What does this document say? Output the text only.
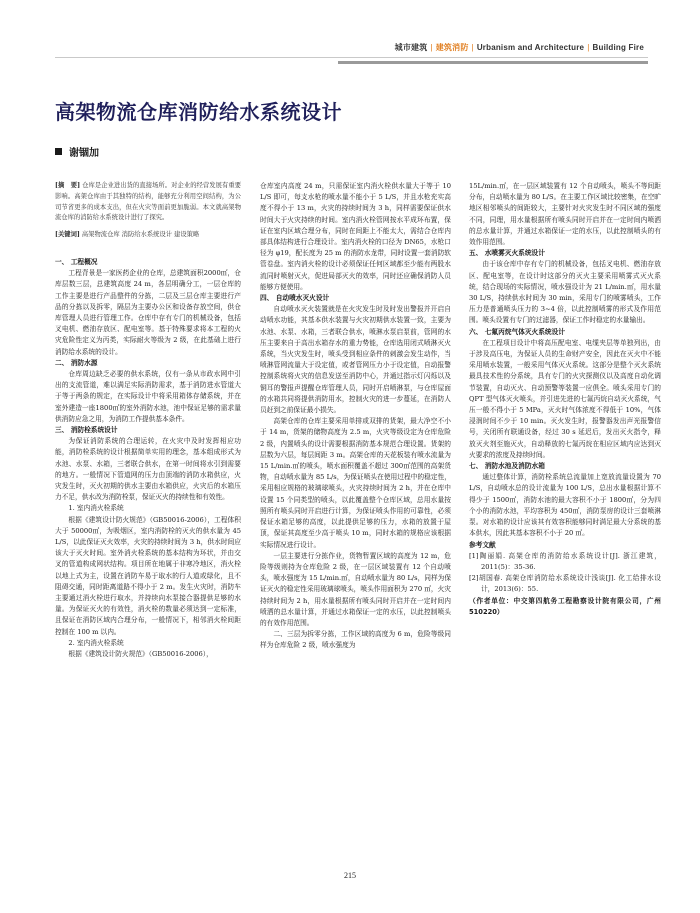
城市建筑 | 建筑消防 | Urbanism and Architecture | Building Fire
高架物流仓库消防给水系统设计
谢锢加
[摘　要] 仓库是企业进出货的直接场所。对企业的经营发展有重要影响。高架仓库由于其独特的结构，能够充分利用空间结构，为公司节省更多的成本支出，但在火灾等面前更加脆弱。本文就高架物流仓库的消防给水系统设计进行了探究。
[关键词] 高架物流仓库 消防给水系统设计 建设策略
一、 工程概况
工程背景是一家医药企业的仓库，总建筑面积2000㎡，仓库层数三层，总建筑高度 24 m，各层明确分工，一层仓库的工作主要是进行产品整件的分拣，二层及三层仓库主要进行产品的分拣以及拆零，隔层为主要办公区和设备存放空间，供仓库管理人员进行管理工作。仓库中存有专门的机械设备，包括叉电机、燃油存放区、配电室等。基于特殊要求将本工程的火灾危险性定义为丙类，实际耐火等级为 2 级，在此基础上进行消防给水系统的设计。
二、 消防水源
仓库周边缺乏必要的供水系统，仅有一条从市政水网中引出的支流管道，难以满足实际消防需求，基于消防进水管道大于等于两条的规定，在实际设计中将采用箱体存储系统，并在室外建造一座1800㎡的室外消防水池，池中保证足够的需求量供消防应急之用，为消防工作提供基本条件。
三、 消防栓系统设计
为保证消防系统的合理运转，在火灾中及时发挥相应功能，消防栓系统的设计根据简单实用的理念，基本组成形式为水池、水泵、水箱，三者联合供水，在第一时间将水引到需要的地方。一般情况下管道网的压力由顶端的消防水箱供应，火灾发生时，灭火初期的供水主要由水箱供应，火灾后的水箱压力不足，供水改为消防栓泵，保证灭火的持续性和有效性。
1. 室内消火栓系统
根据《建筑设计防火规范》（GB50016-2006），工程体积大于 50000㎡，为吸烟区，室内消防栓的灭火的供水量为 45 L/S，以此保证灭火效率，火灾的持续时间为 3 h，供水时间应该大于灭火时间。室外消火栓系统的基本结构为环状，并由交叉的管道构成网状结构。项目所在地属于非寒冷地区，消火栓以地上式为主，设置在消防车易于取水的行人道或绿化，且不阻碍交通，同时距离道路不得小于 2 m。发生火灾时，消防车主要通过消火栓进行取水，并持续向水泵接合器提供足够的水量。为保证灭火的有效性，消火栓的数量必须达到一定标准，且保证在消防区域内合理分布，一般情况下，相邻消火栓间距控制在 100 m 以内。
2. 室内消火栓系统
根据《建筑设计防火规范》（GB50016-2006），
仓库室内高度 24 m，只需保证室内消火栓供水量大于等于 10 L/S 即可，每支水枪的喷水量不能小于 5 L/S，并且水枪充实高度不得小于 13 m，火灾的持续时间为 3 h，同样需要保证供水时间大于火灾持续的时间。室内消火栓管网按水平成环布置，保证在室内区域合理分布，同时在间距上不能太大，需结合仓库内部具体结构进行合理设计。室内消火栓的口径为 DN65，水枪口径为 φ19，配长度为 25 m 的消防水龙带，同时设置一套消防软管卷盘。室内消火栓的设计必须保证任何区域都至少能有两股水流同时喷射灭火，促进局部灭火的效率，同时还应确保消防人员能够方便使用。
四、 自动喷水灭火设计
自动喷水灭火装置就是在火灾发生时及时发出警报并开启自动喷水功能，其基本供水装置与火灾初期供水装置一致，主要为水池、水泵、水箱，三者联合供水，喷淋水泵启泵前，管网的水压主要来自于高出水箱存水的重力势能，仓库选用闭式喷淋灭火系统，当火灾发生时，喷头受到相应条件的刺激会发生动作，当喷淋管网流量大于设定值，或者管网压力小于设定值，自动报警控制系统将火灾的信息发送至消防中心，并通过指示灯闪烁以及铜耳的警报声提醒仓库管理人员，同时开启喷淋泵，与仓库屋面的水箱共同将提供消防用水，控制火灾的进一步蔓延，在消防人员赶到之前保证最小损失。
高架仓库的仓库主要采用单排或双排的货架，最大净空不小于 14 m，货架的储物高度为 2.5 m，火灾等级设定为仓库危险 2 级，内置喷头的设计需要根据消防基本规范合理设置。货架的层数为六层，每层间距 3 m。高架仓库的天花板装有喷水流量为 15 L/min.㎡的喷头，喷水面积覆盖不超过 300㎡范围的高架货物，自动喷水量为 85 L/s，为保证喷头在使用过程中的稳定性，采用相应规格的玻璃球喷头，火灾持续时间为 2 h，并在仓库中设置 15 个同类型的喷头，以此覆盖整个仓库区域，总用水量按照所有喷头同时开启进行计算，为保证喷头作用的可靠性，必须保证水箱足够的高度，以此提供足够的压力，水箱的放置于屋顶，保证其高度至少高于喷头 10 m，同时水箱的规格应该根据实际情况进行设计。
一层主要进行分拣作业，货物暂置区域的高度为 12 m，危险等级则持为仓库危险 2 级，在一层区域装置有 12 个自动喷头，喷水强度为 15 L/min.㎡，自动喷水量为 80 L/s，同样为保证灭火的稳定性采用玻璃球喷头，喷头作用面积为 270 ㎡，火灾持续时间为 2 h，用水量根据所有喷头同时开启并在一定时间内喷洒的总水量计算，并通过水箱保证一定的水压，以此控制喷头的有效作用范围。
二、三层为拆零分拣，工作区域的高度为 6 m，危险等级同样为仓库危险 2 级，喷水强度为
15L/min.㎡，在一层区域装置有 12 个自动喷头，喷头不等间距分布，自动喷水量为 80 L/S。在主要工作区域比较密集，在空旷地区相邻喷头的间距较大，主要针对火灾发生时不同区域的强度不同，同理，用水量根据所有喷头同时开启并在一定时间内喷洒的总水量计算，并通过水箱保证一定的水压，以此控制喷头的有效作用范围。
五、 水喷雾灭火系统设计
由于该仓库中存有专门的机械设备，包括叉电机、燃油存放区、配电室等，在设计时这部分的灭火主要采用喷雾式灭火系统，结合现场的实际情况，喷水强设计为 21 L/min.㎡，用水量 30 L/S，持续供水时间为 30 min，采用专门的喷雾喷头，工作压力是普通喷头压力的 3~4 倍，以此控制喷雾的形式及作用范围。喷头设置有专门的过滤器，保证工作时稳定的水量输出。
六、 七氟丙烷气体灭火系统设计
在工程项目设计中将高压配电室、电缆夹层等单独列出，由于涉及高压电，为保证人员的生命财产安全，因此在灭火中不能采用喷水装置，一般采用气体灭火系统。这部分是整个灭火系统最具技术性的分系统，具有专门的火灾探测仪以及高度自动化调节装置，自动灭火、自动预警等装置一应俱全。喷头采用专门的 QPT 型气体灭火喷头，并引进先进的七氟丙烷自动灭火系统，气压一般不得小于 5 MPa，灭火时气体浓度不得低于 10%，气体浸润时间不少于 10 min。灭火发生时，报警器发出声光报警信号，关闭所有联通设备，经过 30 s 延迟后，发出灭火指令，释放灭火剂至施灭火，自动释放的七氟丙烷在相应区域内应达到灭火要求的浓度及持续时间。
七、 消防水池及消防水箱
通过整体计算，消防栓系统总流量加上宽放流量设置为 70 L/S，自动喷水总的设计流量为 100 L/S，总出水量根据计算不得少于 1500㎡，消防水池的最大容积不小于 1800㎡，分为四个小的消防水池，平均容积为 450㎡，消防泵房的设计三套喷淋泵。对水箱的设计应该其有效容积能够同时满足最大分系统的基本供水，因此其基本容积不小于 20 ㎡。
参考文献
[1]陶丽娟. 高架仓库的消防给水系统设计[J]. 浙江建筑，2011(5)：35-36.
[2]胡国春. 高架仓库消防给水系统设计浅谈[J]. 化工给排水设计，2013(6)：55.
（作者单位：中交第四航务工程勘察设计院有限公司，广州 510220）
215
